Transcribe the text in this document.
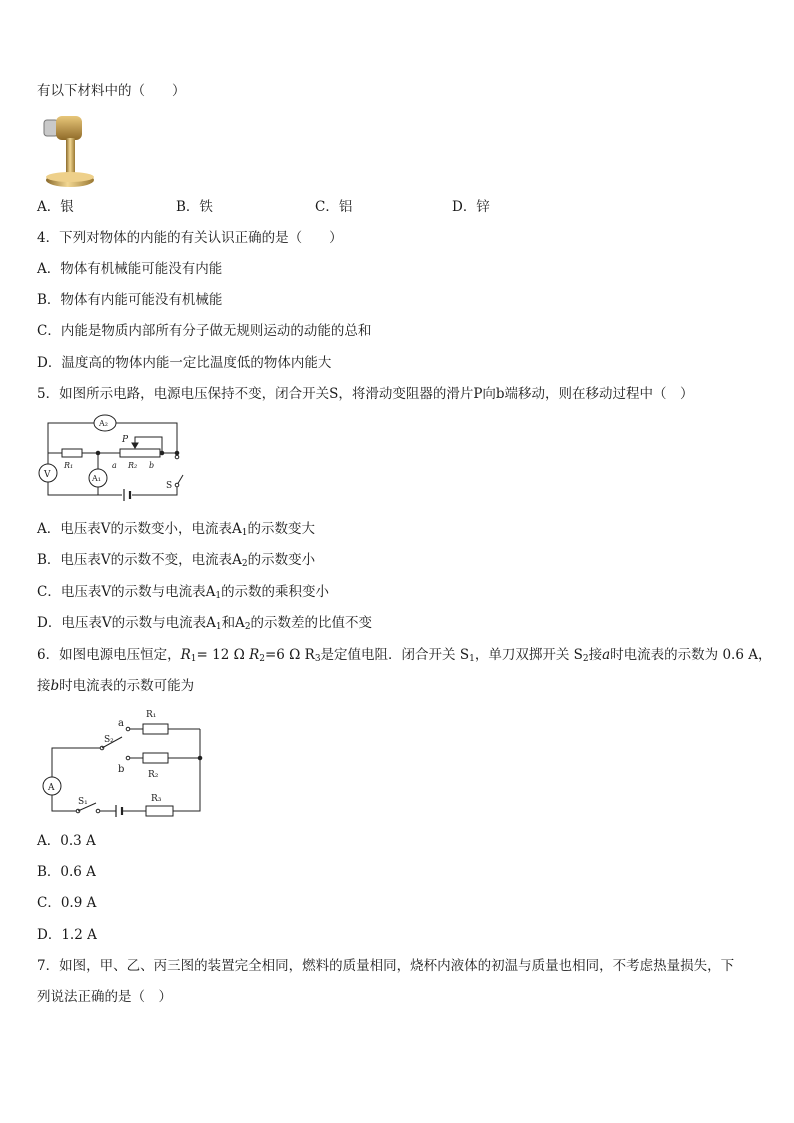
有以下材料中的（　　）
A．银	B．铁	C．铝	D．锌
4．下列对物体的内能的有关认识正确的是（　　）
A．物体有机械能可能没有内能
B．物体有内能可能没有机械能
C．内能是物质内部所有分子做无规则运动的动能的总和
D．温度高的物体内能一定比温度低的物体内能大
5．如图所示电路，电源电压保持不变，闭合开关S，将滑动变阻器的滑片P向b端移动，则在移动过程中（　）
A₂
V
P
R₁	a R₂ b
A₁
S
A．电压表V的示数变小，电流表$A_1$的示数变大
B．电压表V的示数不变，电流表$A_2$的示数变小
C．电压表V的示数与电流表$A_1$的示数的乘积变小
D．电压表V的示数与电流表$A_1$和$A_2$的示数差的比值不变
6．如图电源电压恒定，$R_1= 12$ Ω $R_2=6$ Ω $R_3$是定值电阻．闭合开关 $S_1$，单刀双掷开关 $S_2$接a时电流表的示数为 0.6 A，
接b时电流表的示数可能为
A
S₂
a
R₁
b	R₂
S₁	R₃
A．0.3 A
B．0.6 A
C．0.9 A
D．1.2 A
7．如图，甲、乙、丙三图的装置完全相同，燃料的质量相同，烧杯内液体的初温与质量也相同，不考虑热量损失，下
列说法正确的是（　）
